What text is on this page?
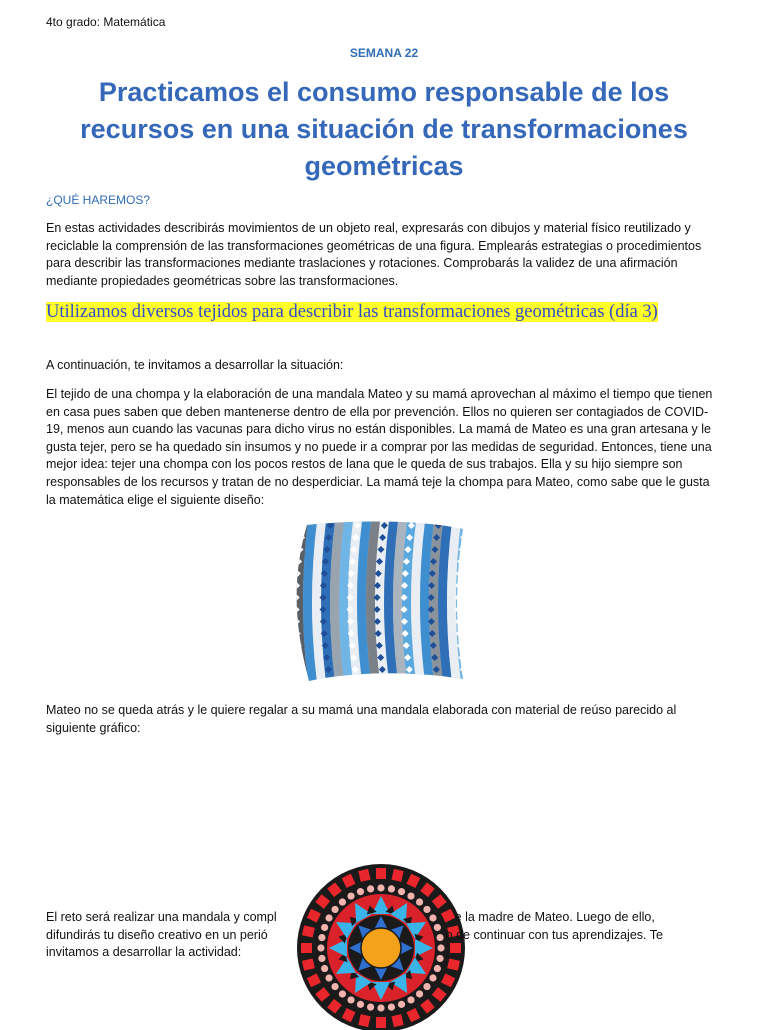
4to grado: Matemática
SEMANA 22
Practicamos el consumo responsable de los recursos en una situación de transformaciones geométricas
¿QUÉ HAREMOS?

En estas actividades describirás movimientos de un objeto real, expresarás con dibujos y material físico reutilizado y reciclable la comprensión de las transformaciones geométricas de una figura. Emplearás estrategias o procedimientos para describir las transformaciones mediante traslaciones y rotaciones. Comprobarás la validez de una afirmación mediante propiedades geométricas sobre las transformaciones.

Utilizamos diversos tejidos para describir las transformaciones geométricas (día 3)
A continuación, te invitamos a desarrollar la situación:

El tejido de una chompa y la elaboración de una mandala Mateo y su mamá aprovechan al máximo el tiempo que tienen en casa pues saben que deben mantenerse dentro de ella por prevención. Ellos no quieren ser contagiados de COVID-19, menos aun cuando las vacunas para dicho virus no están disponibles. La mamá de Mateo es una gran artesana y le gusta tejer, pero se ha quedado sin insumos y no puede ir a comprar por las medidas de seguridad. Entonces, tiene una mejor idea: tejer una chompa con los pocos restos de lana que le queda de sus trabajos. Ella y su hijo siempre son responsables de los recursos y tratan de no desperdiciar. La mamá teje la chompa para Mateo, como sabe que le gusta la matemática elige el siguiente diseño:

Mateo no se queda atrás y le quiere regalar a su mamá una mandala elaborada con material de reúso parecido al siguiente gráfico:

El reto será realizar una mandala y compl	e la madre de Mateo. Luego de ello,
difundirás tu diseño creativo en un perió	o de continuar con tus aprendizajes. Te
invitamos a desarrollar la actividad:
